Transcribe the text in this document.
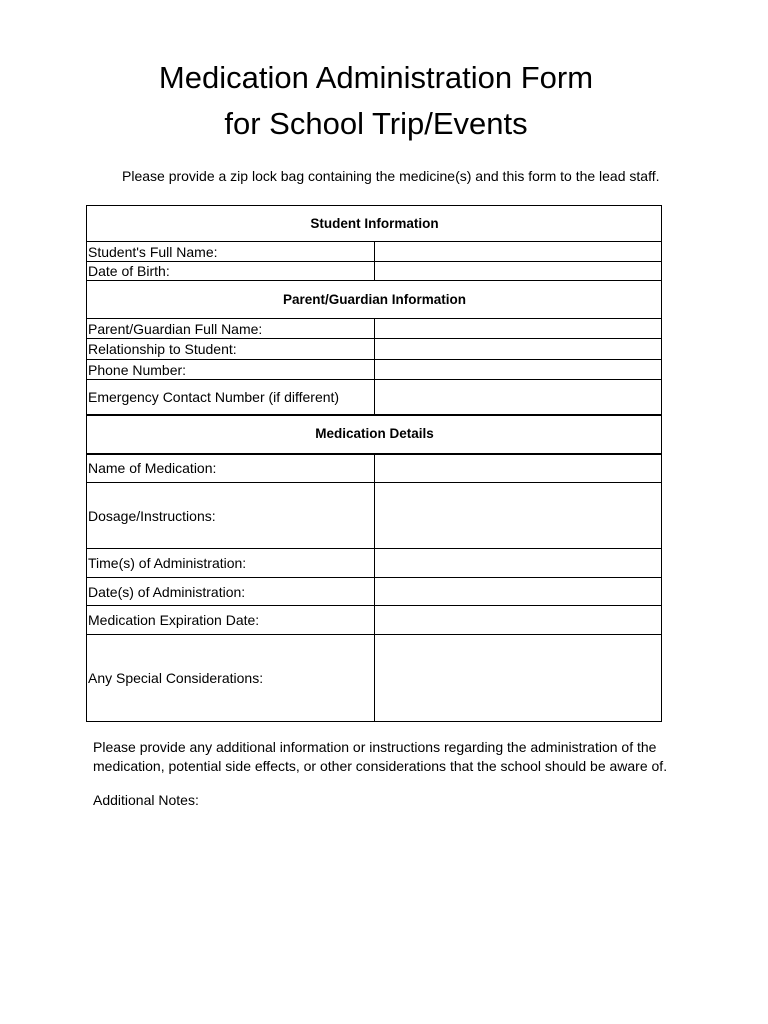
Medication Administration Form
for School Trip/Events
Please provide a zip lock bag containing the medicine(s) and this form to the lead staff.
Student Information	
Student's Full Name:	
Date of Birth:	
Parent/Guardian Information	
Parent/Guardian Full Name:	
Relationship to Student:	
Phone Number:	
Emergency Contact Number (if different)	
Medication Details	
Name of Medication:	
Dosage/Instructions:	
Time(s) of Administration:	
Date(s) of Administration:	
Medication Expiration Date:	
Any Special Considerations:	
Please provide any additional information or instructions regarding the administration of the medication, potential side effects, or other considerations that the school should be aware of.
Additional Notes:
